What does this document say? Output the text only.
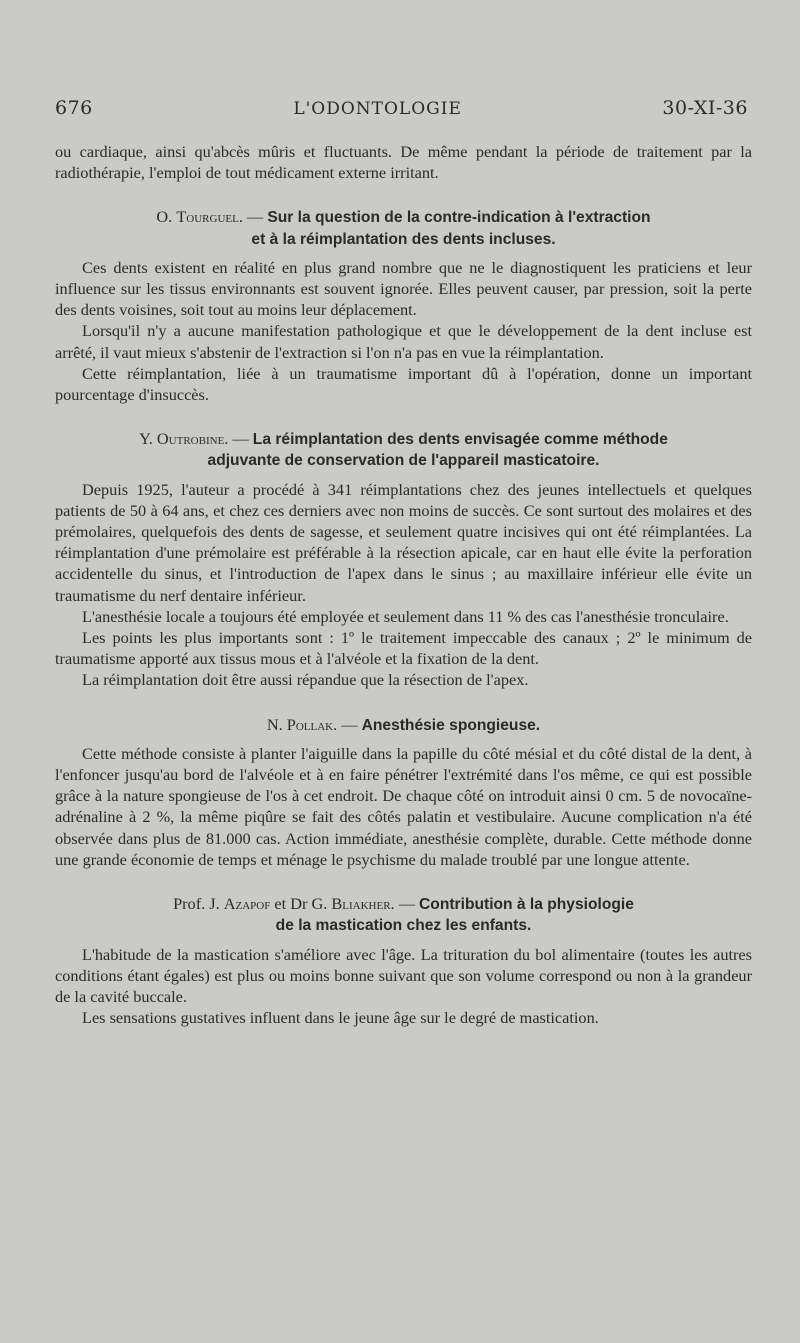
676	L'ODONTOLOGIE	30-XI-36

ou cardiaque, ainsi qu'abcès mûris et fluctuants. De même pendant la période de traitement par la radiothérapie, l'emploi de tout médicament externe irritant.

O. Tourguel. — Sur la question de la contre-indication à l'extraction
et à la réimplantation des dents incluses.

Ces dents existent en réalité en plus grand nombre que ne le diagnostiquent les praticiens et leur influence sur les tissus environnants est souvent ignorée. Elles peuvent causer, par pression, soit la perte des dents voisines, soit tout au moins leur déplacement.

Lorsqu'il n'y a aucune manifestation pathologique et que le développement de la dent incluse est arrêté, il vaut mieux s'abstenir de l'extraction si l'on n'a pas en vue la réimplantation.

Cette réimplantation, liée à un traumatisme important dû à l'opération, donne un important pourcentage d'insuccès.

Y. Outrobine. — La réimplantation des dents envisagée comme méthode
adjuvante de conservation de l'appareil masticatoire.

Depuis 1925, l'auteur a procédé à 341 réimplantations chez des jeunes intellectuels et quelques patients de 50 à 64 ans, et chez ces derniers avec non moins de succès. Ce sont surtout des molaires et des prémolaires, quelquefois des dents de sagesse, et seulement quatre incisives qui ont été réimplantées. La réimplantation d'une prémolaire est préférable à la résection apicale, car en haut elle évite la perforation accidentelle du sinus, et l'introduction de l'apex dans le sinus ; au maxillaire inférieur elle évite un traumatisme du nerf dentaire inférieur.

L'anesthésie locale a toujours été employée et seulement dans 11 % des cas l'anesthésie tronculaire.

Les points les plus importants sont : 1º le traitement impeccable des canaux ; 2º le minimum de traumatisme apporté aux tissus mous et à l'alvéole et la fixation de la dent.

La réimplantation doit être aussi répandue que la résection de l'apex.

N. Pollak. — Anesthésie spongieuse.

Cette méthode consiste à planter l'aiguille dans la papille du côté mésial et du côté distal de la dent, à l'enfoncer jusqu'au bord de l'alvéole et à en faire pénétrer l'extrémité dans l'os même, ce qui est possible grâce à la nature spongieuse de l'os à cet endroit. De chaque côté on introduit ainsi 0 cm. 5 de novocaïne-adrénaline à 2 %, la même piqûre se fait des côtés palatin et vestibulaire. Aucune complication n'a été observée dans plus de 81.000 cas. Action immédiate, anesthésie complète, durable. Cette méthode donne une grande économie de temps et ménage le psychisme du malade troublé par une longue attente.

Prof. J. Azapof et Dr G. Bliakher. — Contribution à la physiologie
de la mastication chez les enfants.

L'habitude de la mastication s'améliore avec l'âge. La trituration du bol alimentaire (toutes les autres conditions étant égales) est plus ou moins bonne suivant que son volume correspond ou non à la grandeur de la cavité buccale.

Les sensations gustatives influent dans le jeune âge sur le degré de mastication.
